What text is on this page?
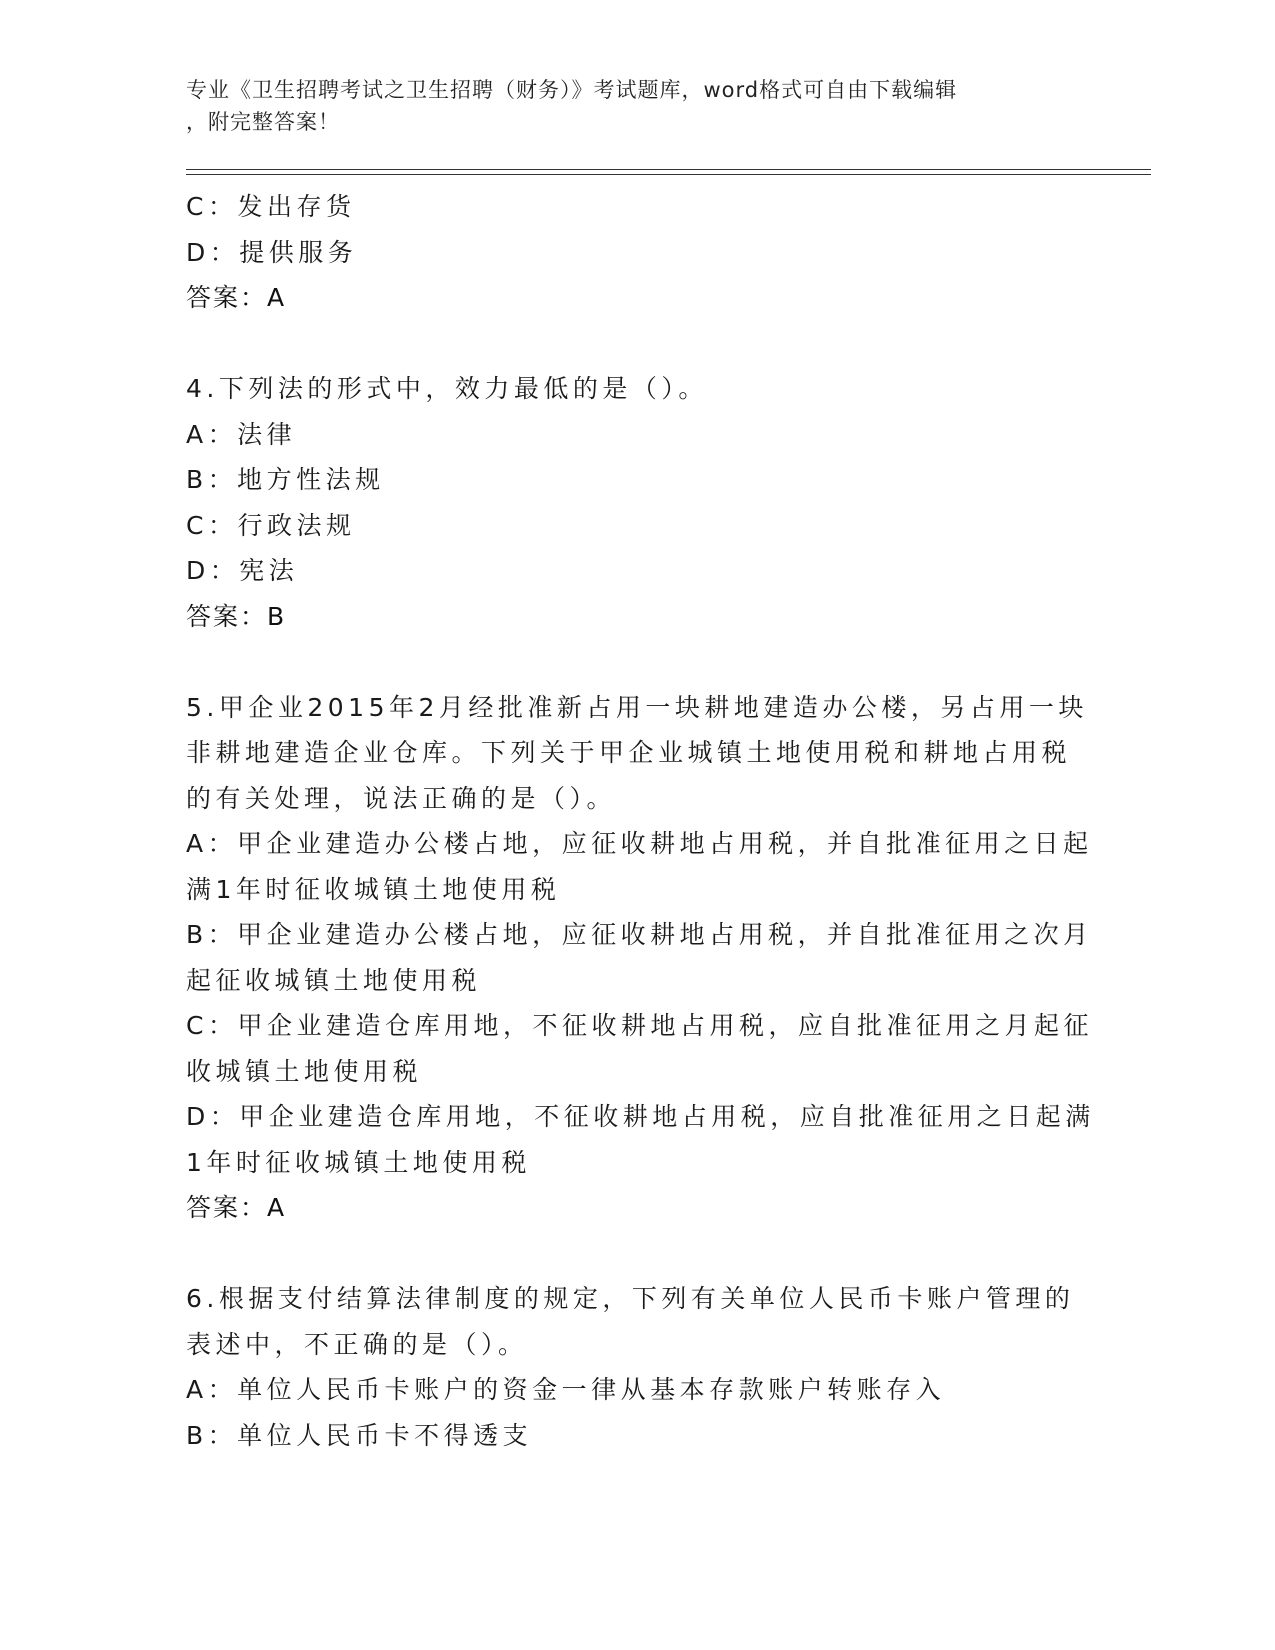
专业《卫生招聘考试之卫生招聘（财务）》考试题库，word格式可自由下载编辑
，附完整答案！
C：发出存货
D：提供服务
答案：A
4.下列法的形式中，效力最低的是（）。
A：法律
B：地方性法规
C：行政法规
D：宪法
答案：B
5.甲企业2015年2月经批准新占用一块耕地建造办公楼，另占用一块
非耕地建造企业仓库。下列关于甲企业城镇土地使用税和耕地占用税
的有关处理，说法正确的是（）。
A：甲企业建造办公楼占地，应征收耕地占用税，并自批准征用之日起
满1年时征收城镇土地使用税
B：甲企业建造办公楼占地，应征收耕地占用税，并自批准征用之次月
起征收城镇土地使用税
C：甲企业建造仓库用地，不征收耕地占用税，应自批准征用之月起征
收城镇土地使用税
D：甲企业建造仓库用地，不征收耕地占用税，应自批准征用之日起满
1年时征收城镇土地使用税
答案：A
6.根据支付结算法律制度的规定，下列有关单位人民币卡账户管理的
表述中，不正确的是（）。
A：单位人民币卡账户的资金一律从基本存款账户转账存入
B：单位人民币卡不得透支
